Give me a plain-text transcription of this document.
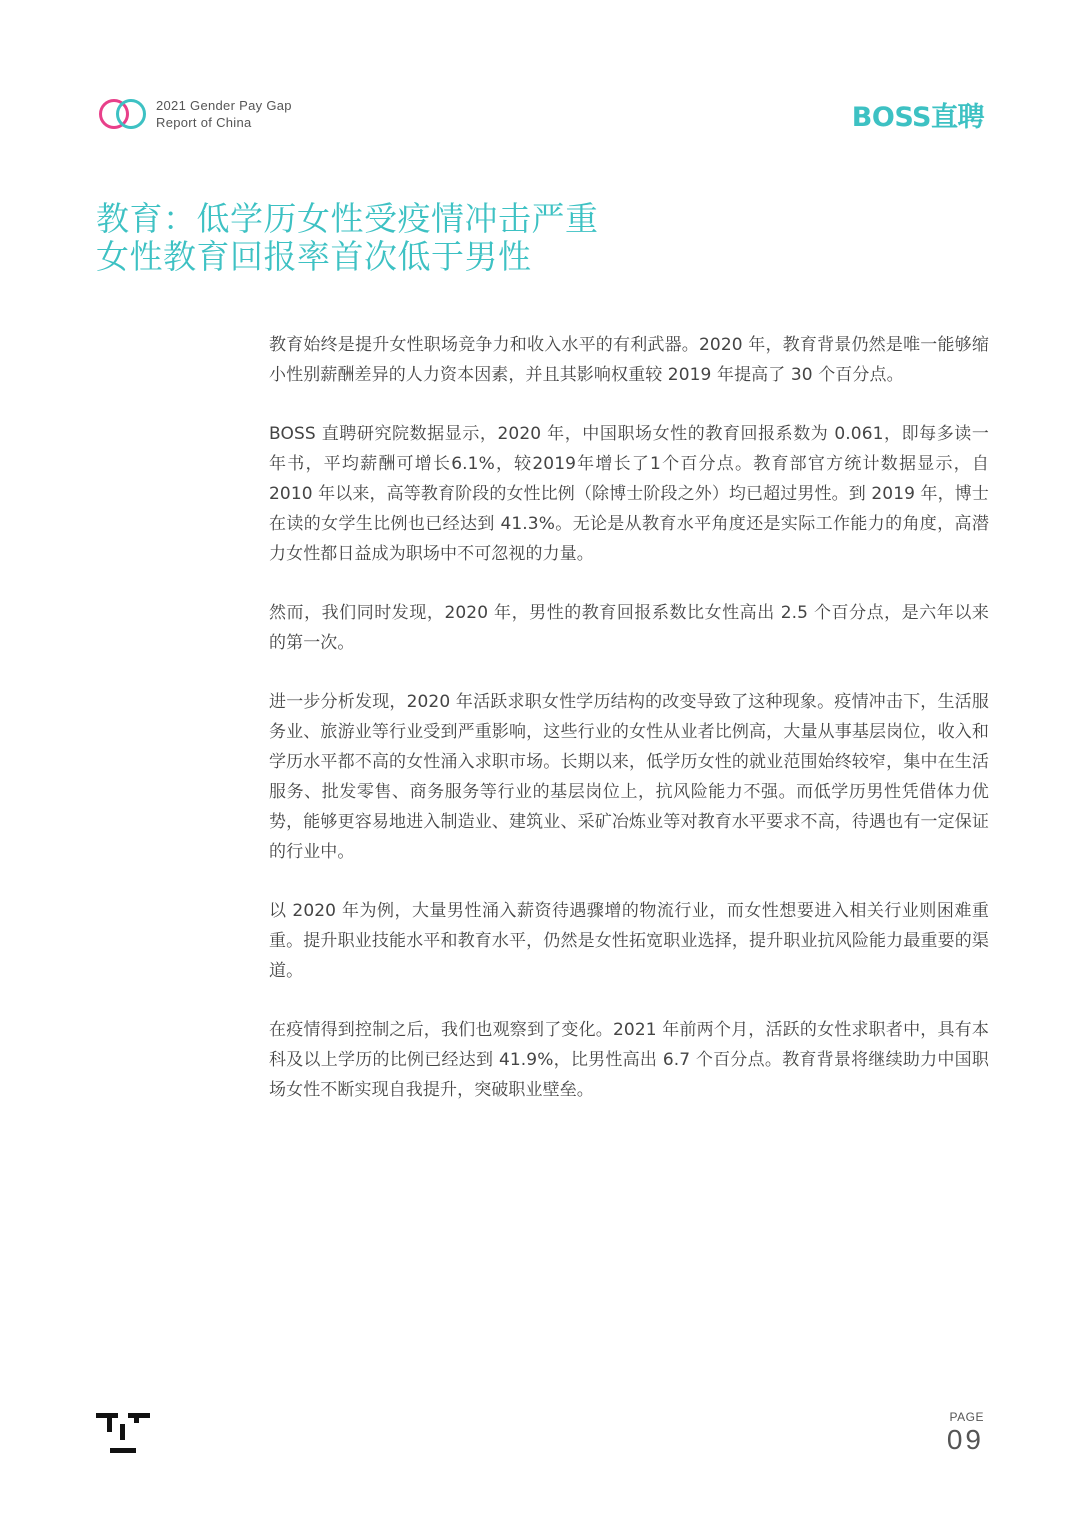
2021 Gender Pay Gap
Report of China	BOSS直聘
教育：低学历女性受疫情冲击严重
女性教育回报率首次低于男性

教育始终是提升女性职场竞争力和收入水平的有利武器。2020 年，教育背景仍然是唯一能够缩小性别薪酬差异的人力资本因素，并且其影响权重较 2019 年提高了 30 个百分点。

BOSS 直聘研究院数据显示，2020 年，中国职场女性的教育回报系数为 0.061，即每多读一年书，平均薪酬可增长6.1%，较2019年增长了1个百分点。教育部官方统计数据显示，自 2010 年以来，高等教育阶段的女性比例（除博士阶段之外）均已超过男性。到 2019 年，博士在读的女学生比例也已经达到 41.3%。无论是从教育水平角度还是实际工作能力的角度，高潜力女性都日益成为职场中不可忽视的力量。

然而，我们同时发现，2020 年，男性的教育回报系数比女性高出 2.5 个百分点，是六年以来的第一次。

进一步分析发现，2020 年活跃求职女性学历结构的改变导致了这种现象。疫情冲击下，生活服务业、旅游业等行业受到严重影响，这些行业的女性从业者比例高，大量从事基层岗位，收入和学历水平都不高的女性涌入求职市场。长期以来，低学历女性的就业范围始终较窄，集中在生活服务、批发零售、商务服务等行业的基层岗位上，抗风险能力不强。而低学历男性凭借体力优势，能够更容易地进入制造业、建筑业、采矿冶炼业等对教育水平要求不高，待遇也有一定保证的行业中。

以 2020 年为例，大量男性涌入薪资待遇骤增的物流行业，而女性想要进入相关行业则困难重重。提升职业技能水平和教育水平，仍然是女性拓宽职业选择，提升职业抗风险能力最重要的渠道。

在疫情得到控制之后，我们也观察到了变化。2021 年前两个月，活跃的女性求职者中，具有本科及以上学历的比例已经达到 41.9%，比男性高出 6.7 个百分点。教育背景将继续助力中国职场女性不断实现自我提升，突破职业壁垒。

PAGE
09
